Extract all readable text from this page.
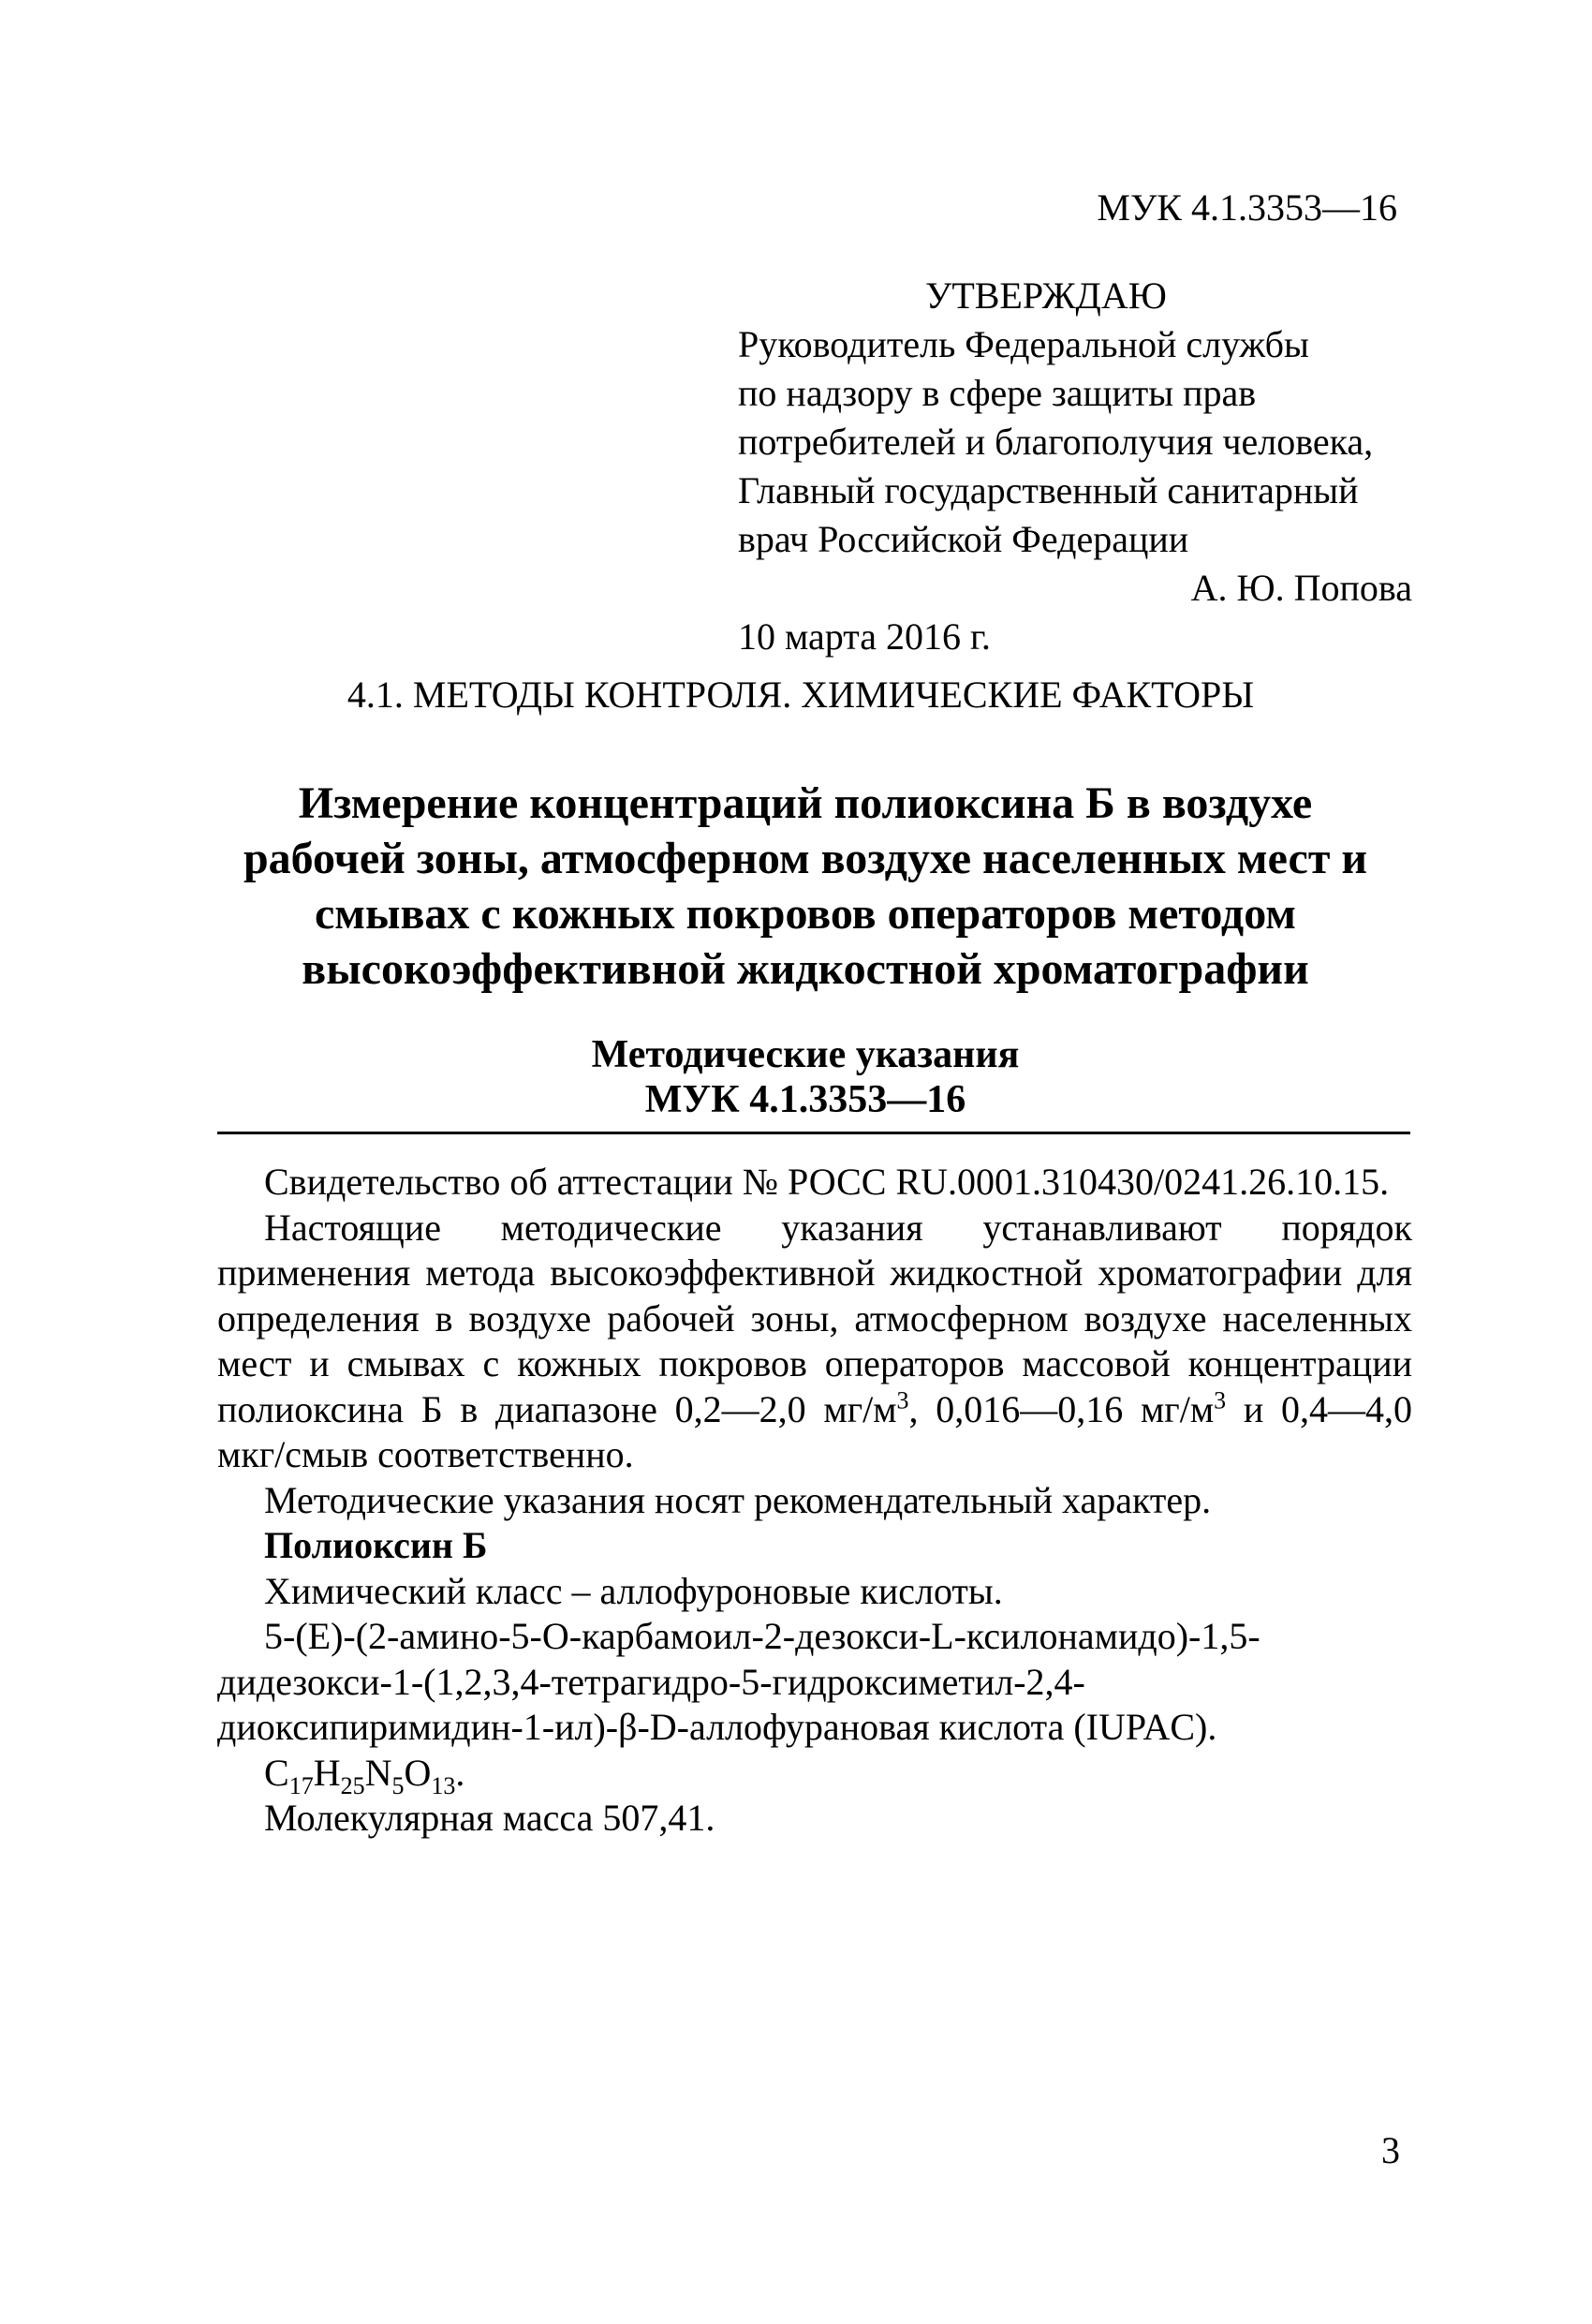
МУК 4.1.3353—16
УТВЕРЖДАЮ
Руководитель Федеральной службы
по надзору в сфере защиты прав
потребителей и благополучия человека,
Главный государственный санитарный
врач Российской Федерации
А. Ю. Попова
10 марта 2016 г.
4.1. МЕТОДЫ КОНТРОЛЯ. ХИМИЧЕСКИЕ ФАКТОРЫ
Измерение концентраций полиоксина Б в воздухе
рабочей зоны, атмосферном воздухе населенных мест и
смывах с кожных покровов операторов методом
высокоэффективной жидкостной хроматографии
Методические указания
МУК 4.1.3353—16

Свидетельство об аттестации № РОСС RU.0001.310430/0241.26.10.15.

Настоящие методические указания устанавливают порядок применения метода высокоэффективной жидкостной хроматографии для определения в воздухе рабочей зоны, атмосферном воздухе населенных мест и смывах с кожных покровов операторов массовой концентрации полиоксина Б в диапазоне 0,2—2,0 $мг/м^3$, 0,016—0,16 $мг/м^3$ и 0,4—4,0 мкг/смыв соответственно.

Методические указания носят рекомендательный характер.

Полиоксин Б

Химический класс – аллофуроновые кислоты.

5-(E)-(2-амино-5-O-карбамоил-2-дезокси-L-ксилонамидо)-1,5-дидезокси-1-(1,2,3,4-тетрагидро-5-гидроксиметил-2,4-диоксипиримидин-1-ил)-β-D-аллофурановая кислота (IUPAC).

$C_{17}H_{25}N_5O_{13}$.

Молекулярная масса 507,41.

3
